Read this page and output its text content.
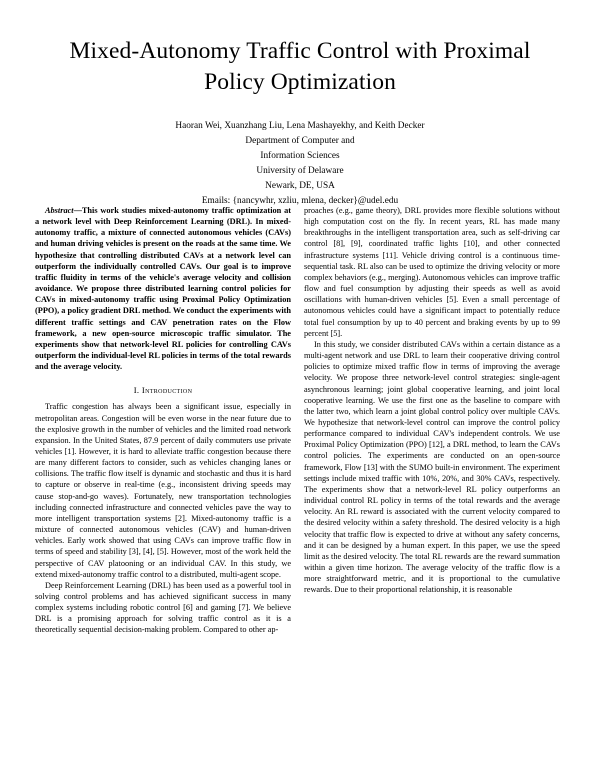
Mixed-Autonomy Traffic Control with Proximal Policy Optimization
Haoran Wei, Xuanzhang Liu, Lena Mashayekhy, and Keith Decker
Department of Computer and
Information Sciences
University of Delaware
Newark, DE, USA
Emails: {nancywhr, xzliu, mlena, decker}@udel.edu

Abstract—This work studies mixed-autonomy traffic optimization at a network level with Deep Reinforcement Learning (DRL). In mixed-autonomy traffic, a mixture of connected autonomous vehicles (CAVs) and human driving vehicles is present on the roads at the same time. We hypothesize that controlling distributed CAVs at a network level can outperform the individually controlled CAVs. Our goal is to improve traffic fluidity in terms of the vehicle's average velocity and collision avoidance. We propose three distributed learning control policies for CAVs in mixed-autonomy traffic using Proximal Policy Optimization (PPO), a policy gradient DRL method. We conduct the experiments with different traffic settings and CAV penetration rates on the Flow framework, a new open-source microscopic traffic simulator. The experiments show that network-level RL policies for controlling CAVs outperform the individual-level RL policies in terms of the total rewards and the average velocity.

I. Introduction

Traffic congestion has always been a significant issue, especially in metropolitan areas. Congestion will be even worse in the near future due to the explosive growth in the number of vehicles and the limited road network expansion. In the United States, 87.9 percent of daily commuters use private vehicles [1]. However, it is hard to alleviate traffic congestion because there are many different factors to consider, such as vehicles changing lanes or collisions. The traffic flow itself is dynamic and stochastic and thus it is hard to capture or observe in real-time (e.g., inconsistent driving speeds may cause stop-and-go waves). Fortunately, new transportation technologies including connected infrastructure and connected vehicles pave the way to more intelligent transportation systems [2]. Mixed-autonomy traffic is a mixture of connected autonomous vehicles (CAV) and human-driven vehicles. Early work showed that using CAVs can improve traffic flow in terms of speed and stability [3], [4], [5]. However, most of the work held the perspective of CAV platooning or an individual CAV. In this study, we extend mixed-autonomy traffic control to a distributed, multi-agent scope.

Deep Reinforcement Learning (DRL) has been used as a powerful tool in solving control problems and has achieved significant success in many complex systems including robotic control [6] and gaming [7]. We believe DRL is a promising approach for solving traffic control as it is a theoretically sequential decision-making problem. Compared to other ap-

proaches (e.g., game theory), DRL provides more flexible solutions without high computation cost on the fly. In recent years, RL has made many breakthroughs in the intelligent transportation area, such as self-driving car control [8], [9], coordinated traffic lights [10], and other connected infrastructure systems [11]. Vehicle driving control is a continuous time-sequential task. RL also can be used to optimize the driving velocity or more complex behaviors (e.g., merging). Autonomous vehicles can improve traffic flow and fuel consumption by adjusting their speeds as well as avoid oscillations with human-driven vehicles [5]. Even a small percentage of autonomous vehicles could have a significant impact to potentially reduce total fuel consumption by up to 40 percent and braking events by up to 99 percent [5].

In this study, we consider distributed CAVs within a certain distance as a multi-agent network and use DRL to learn their cooperative driving control policies to optimize mixed traffic flow in terms of improving the average velocity. We propose three network-level control strategies: single-agent asynchronous learning; joint global cooperative learning, and joint local cooperative learning. We use the first one as the baseline to compare with the latter two, which learn a joint global control policy over multiple CAVs. We hypothesize that network-level control can improve the control policy performance compared to individual CAV's independent controls. We use Proximal Policy Optimization (PPO) [12], a DRL method, to learn the CAVs control policies. The experiments are conducted on an open-source framework, Flow [13] with the SUMO built-in environment. The experiment settings include mixed traffic with 10%, 20%, and 30% CAVs, respectively. The experiments show that a network-level RL policy outperforms an individual control RL policy in terms of the total rewards and the average velocity. An RL reward is associated with the current velocity compared to the desired velocity within a safety threshold. The desired velocity is a high velocity that traffic flow is expected to drive at without any safety concerns, and it can be designed by a human expert. In this paper, we use the speed limit as the desired velocity. The total RL rewards are the reward summation within a given time horizon. The average velocity of the traffic flow is a more straightforward metric, and it is proportional to the cumulative rewards. Due to their proportional relationship, it is reasonable
